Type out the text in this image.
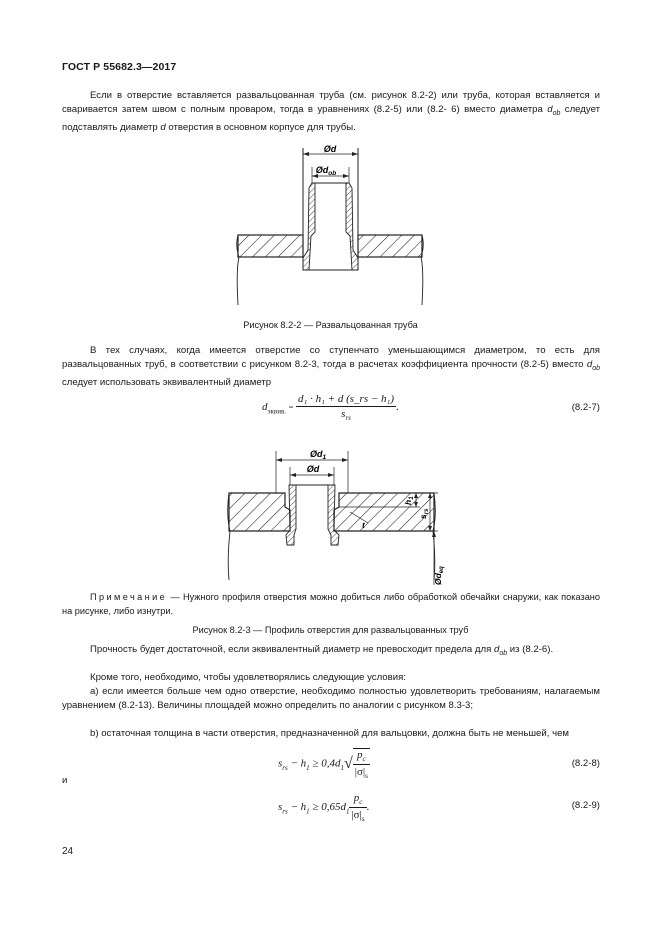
ГОСТ Р 55682.3—2017
Если в отверстие вставляется развальцованная труба (см. рисунок 8.2-2) или труба, которая вставляется и сваривается затем швом с полным проваром, тогда в уравнениях (8.2-5) или (8.2- 6) вместо диаметра $d_{ob}$ следует подставлять диаметр d отверстия в основном корпусе для трубы.
Ød
$Ød_{ob}$
Рисунок 8.2-2 — Развальцованная труба
В тех случаях, когда имеется отверстие со ступенчато уменьшающимся диаметром, то есть для развальцованных труб, в соответствии с рисунком 8.2-3, тогда в расчетах коэффициента прочности (8.2-5) вместо $d_{ob}$ следует использовать эквивалентный диаметр
$d_{эквив.} = \frac{\text{d₁ · h₁ + d (s\_rs − h₁)}}{s_{rs}}$ .	(8.2-7)
$Ød_1$
Ød
$h_1$
$s_{rs}$
t
$Ød_{eq}$
Примечание — Нужного профиля отверстия можно добиться либо обработкой обечайки снаружи, как показано на рисунке, либо изнутри.
Рисунок 8.2-3 — Профиль отверстия для развальцованных труб
Прочность будет достаточной, если эквивалентный диаметр не превосходит предела для $d_{ob}$ из (8.2-6).
Кроме того, необходимо, чтобы удовлетворялись следующие условия:
a) если имеется больше чем одно отверстие, необходимо полностью удовлетворить требованиям, налагаемым уравнением (8.2-13). Величины площадей можно определить по аналогии с рисунком 8.3-3;
b) остаточная толщина в части отверстия, предназначенной для вальцовки, должна быть не меньшей, чем
$s_{rs} - h_1 \ge 0,4d_1√ \frac{p_c}{|\sigma|_s}$	(8.2-8)
и
$s_{rs} - h_1 \ge 0,65d_1 \frac{p_c}{|\sigma|_s}$ .	(8.2-9)
24
